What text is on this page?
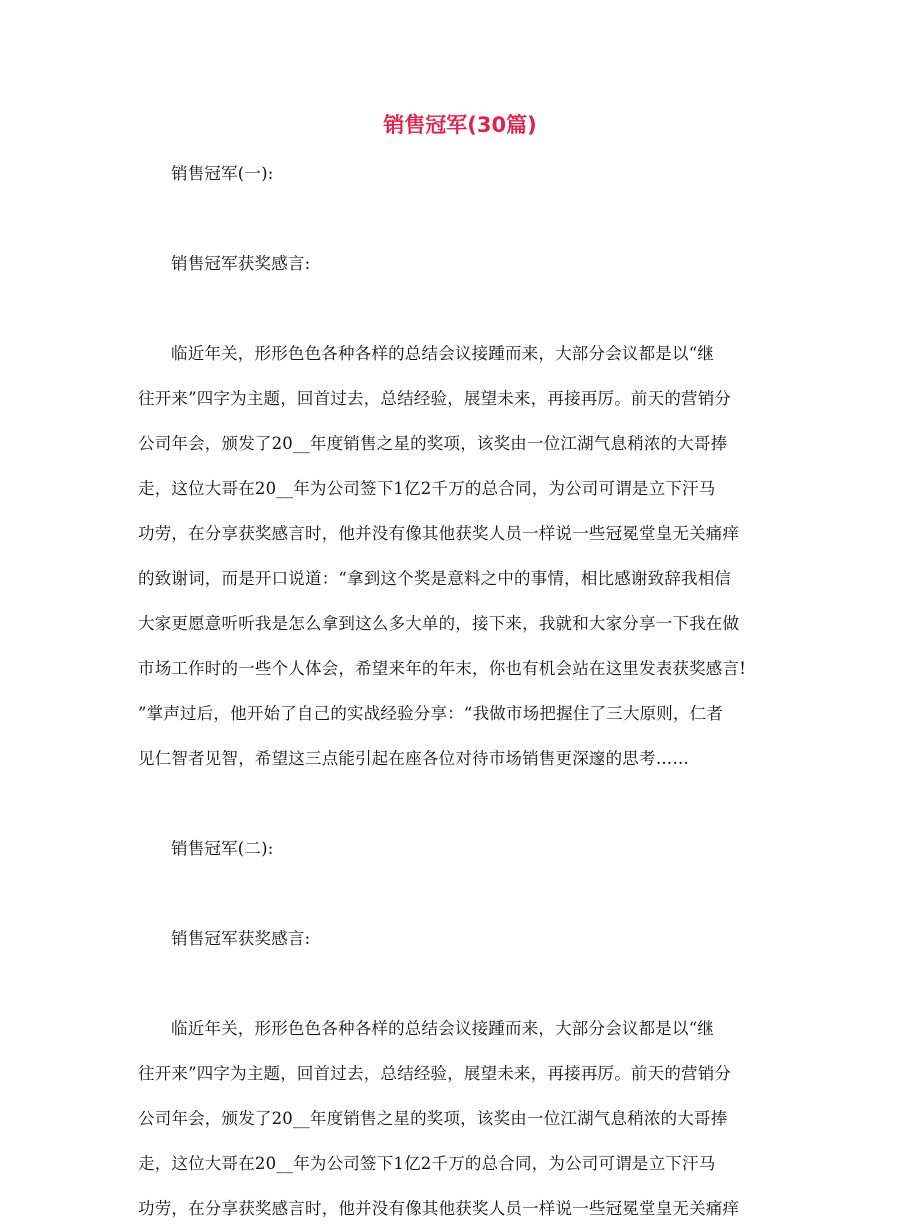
销售冠军(30篇)
销售冠军(一):
销售冠军获奖感言:
临近年关，形形色色各种各样的总结会议接踵而来，大部分会议都是以“继
往开来”四字为主题，回首过去，总结经验，展望未来，再接再厉。前天的营销分
公司年会，颁发了20__年度销售之星的奖项，该奖由一位江湖气息稍浓的大哥捧
走，这位大哥在20__年为公司签下1亿2千万的总合同，为公司可谓是立下汗马
功劳，在分享获奖感言时，他并没有像其他获奖人员一样说一些冠冕堂皇无关痛痒
的致谢词，而是开口说道：“拿到这个奖是意料之中的事情，相比感谢致辞我相信
大家更愿意听听我是怎么拿到这么多大单的，接下来，我就和大家分享一下我在做
市场工作时的一些个人体会，希望来年的年末，你也有机会站在这里发表获奖感言!
”掌声过后，他开始了自己的实战经验分享：“我做市场把握住了三大原则，仁者
见仁智者见智，希望这三点能引起在座各位对待市场销售更深邃的思考……
销售冠军(二):
销售冠军获奖感言:
临近年关，形形色色各种各样的总结会议接踵而来，大部分会议都是以“继
往开来”四字为主题，回首过去，总结经验，展望未来，再接再厉。前天的营销分
公司年会，颁发了20__年度销售之星的奖项，该奖由一位江湖气息稍浓的大哥捧
走，这位大哥在20__年为公司签下1亿2千万的总合同，为公司可谓是立下汗马
功劳，在分享获奖感言时，他并没有像其他获奖人员一样说一些冠冕堂皇无关痛痒
